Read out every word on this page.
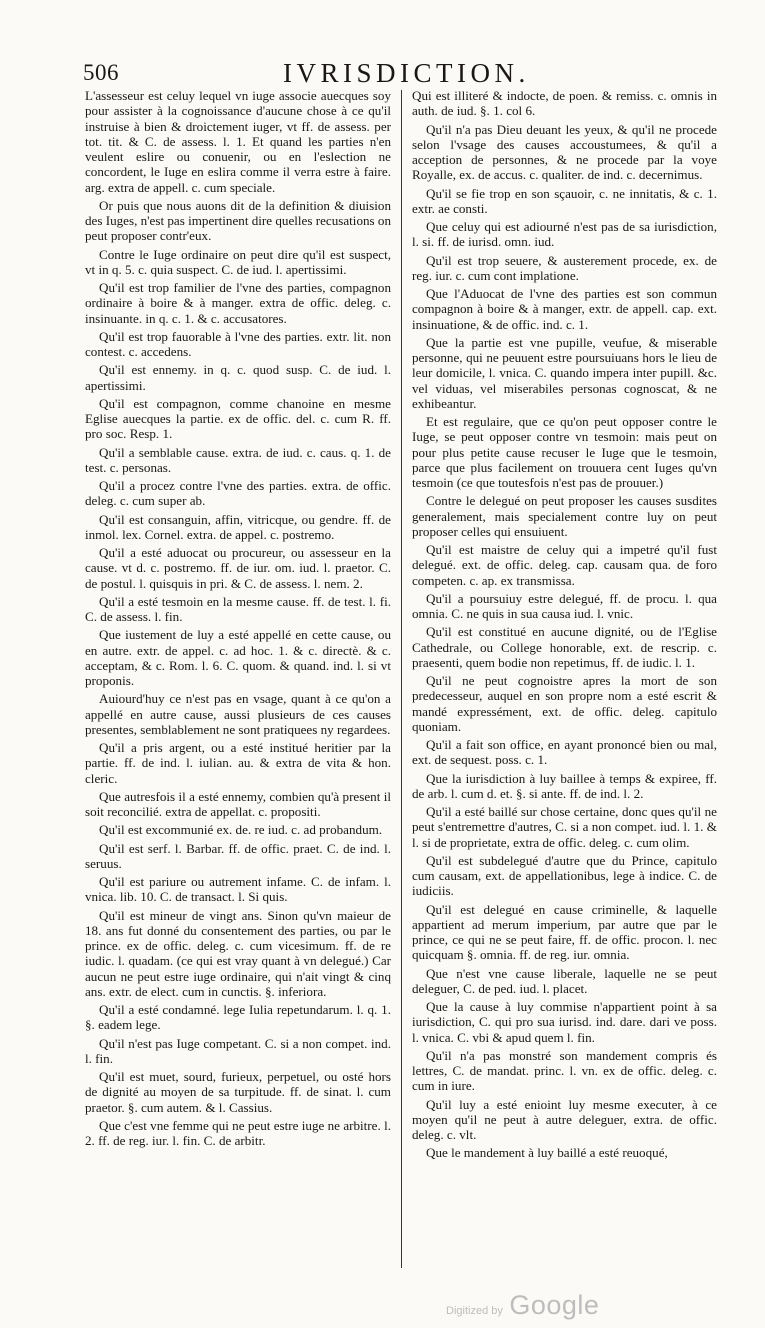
506	IVRISDICTION.

L'assesseur est celuy lequel vn iuge associe auecques soy pour assister à la cognoissance d'aucune chose à ce qu'il instruise à bien & droictement iuger, vt ff. de assess. per tot. tit. & C. de assess. l. 1. Et quand les parties n'en veulent eslire ou conuenir, ou en l'eslection ne concordent, le Iuge en eslira comme il verra estre à faire. arg. extra de appell. c. cum speciale.

Or puis que nous auons dit de la definition & diuision des Iuges, n'est pas impertinent dire quelles recusations on peut proposer contr'eux.

Contre le Iuge ordinaire on peut dire qu'il est suspect, vt in q. 5. c. quia suspect. C. de iud. l. apertissimi.

Qu'il est trop familier de l'vne des parties, compagnon ordinaire à boire & à manger. extra de offic. deleg. c. insinuante. in q. c. 1. & c. accusatores.

Qu'il est trop fauorable à l'vne des parties. extr. lit. non contest. c. accedens.

Qu'il est ennemy. in q. c. quod susp. C. de iud. l. apertissimi.

Qu'il est compagnon, comme chanoine en mesme Eglise auecques la partie. ex de offic. del. c. cum R. ff. pro soc. Resp. 1.

Qu'il a semblable cause. extra. de iud. c. caus. q. 1. de test. c. personas.

Qu'il a procez contre l'vne des parties. extra. de offic. deleg. c. cum super ab.

Qu'il est consanguin, affin, vitricque, ou gendre. ff. de inmol. lex. Cornel. extra. de appel. c. postremo.

Qu'il a esté aduocat ou procureur, ou assesseur en la cause. vt d. c. postremo. ff. de iur. om. iud. l. praetor. C. de postul. l. quisquis in pri. & C. de assess. l. nem. 2.

Qu'il a esté tesmoin en la mesme cause. ff. de test. l. fi. C. de assess. l. fin.

Que iustement de luy a esté appellé en cette cause, ou en autre. extr. de appel. c. ad hoc. 1. & c. directè. & c. acceptam, & c. Rom. l. 6. C. quom. & quand. ind. l. si vt proponis.

Auiourd'huy ce n'est pas en vsage, quant à ce qu'on a appellé en autre cause, aussi plusieurs de ces causes presentes, semblablement ne sont pratiquees ny regardees.

Qu'il a pris argent, ou a esté institué heritier par la partie. ff. de ind. l. iulian. au. & extra de vita & hon. cleric.

Que autresfois il a esté ennemy, combien qu'à present il soit reconcilié. extra de appellat. c. propositi.

Qu'il est excommunié ex. de. re iud. c. ad probandum.

Qu'il est serf. l. Barbar. ff. de offic. praet. C. de ind. l. seruus.

Qu'il est pariure ou autrement infame. C. de infam. l. vnica. lib. 10. C. de transact. l. Si quis.

Qu'il est mineur de vingt ans. Sinon qu'vn maieur de 18. ans fut donné du consentement des parties, ou par le prince. ex de offic. deleg. c. cum vicesimum. ff. de re iudic. l. quadam. (ce qui est vray quant à vn delegué.) Car aucun ne peut estre iuge ordinaire, qui n'ait vingt & cinq ans. extr. de elect. cum in cunctis. §. inferiora.

Qu'il a esté condamné. lege Iulia repetundarum. l. q. 1. §. eadem lege.

Qu'il n'est pas Iuge competant. C. si a non compet. ind. l. fin.

Qu'il est muet, sourd, furieux, perpetuel, ou osté hors de dignité au moyen de sa turpitude. ff. de sinat. l. cum praetor. §. cum autem. & l. Cassius.

Que c'est vne femme qui ne peut estre iuge ne arbitre. l. 2. ff. de reg. iur. l. fin. C. de arbitr.

Qui est illiteré & indocte, de poen. & remiss. c. omnis in auth. de iud. §. 1. col 6.

Qu'il n'a pas Dieu deuant les yeux, & qu'il ne procede selon l'vsage des causes accoustumees, & qu'il a acception de personnes, & ne procede par la voye Royalle, ex. de accus. c. qualiter. de ind. c. decernimus.

Qu'il se fie trop en son sçauoir, c. ne innitatis, & c. 1. extr. ae consti.

Que celuy qui est adiourné n'est pas de sa iurisdiction, l. si. ff. de iurisd. omn. iud.

Qu'il est trop seuere, & austerement procede, ex. de reg. iur. c. cum cont implatione.

Que l'Aduocat de l'vne des parties est son commun compagnon à boire & à manger, extr. de appell. cap. ext. insinuatione, & de offic. ind. c. 1.

Que la partie est vne pupille, veufue, & miserable personne, qui ne peuuent estre poursuiuans hors le lieu de leur domicile, l. vnica. C. quando impera inter pupill. &c. vel viduas, vel miserabiles personas cognoscat, & ne exhibeantur.

Et est regulaire, que ce qu'on peut opposer contre le Iuge, se peut opposer contre vn tesmoin: mais peut on pour plus petite cause recuser le Iuge que le tesmoin, parce que plus facilement on trouuera cent Iuges qu'vn tesmoin (ce que toutesfois n'est pas de prouuer.)

Contre le delegué on peut proposer les causes susdites generalement, mais specialement contre luy on peut proposer celles qui ensuiuent.

Qu'il est maistre de celuy qui a impetré qu'il fust delegué. ext. de offic. deleg. cap. causam qua. de foro competen. c. ap. ex transmissa.

Qu'il a poursuiuy estre delegué, ff. de procu. l. qua omnia. C. ne quis in sua causa iud. l. vnic.

Qu'il est constitué en aucune dignité, ou de l'Eglise Cathedrale, ou College honorable, ext. de rescrip. c. praesenti, quem bodie non repetimus, ff. de iudic. l. 1.

Qu'il ne peut cognoistre apres la mort de son predecesseur, auquel en son propre nom a esté escrit & mandé expressément, ext. de offic. deleg. capitulo quoniam.

Qu'il a fait son office, en ayant prononcé bien ou mal, ext. de sequest. poss. c. 1.

Que la iurisdiction à luy baillee à temps & expiree, ff. de arb. l. cum d. et. §. si ante. ff. de ind. l. 2.

Qu'il a esté baillé sur chose certaine, donc ques qu'il ne peut s'entremettre d'autres, C. si a non compet. iud. l. 1. & l. si de proprietate, extra de offic. deleg. c. cum olim.

Qu'il est subdelegué d'autre que du Prince, capitulo cum causam, ext. de appellationibus, lege à indice. C. de iudiciis.

Qu'il est delegué en cause criminelle, & laquelle appartient ad merum imperium, par autre que par le prince, ce qui ne se peut faire, ff. de offic. procon. l. nec quicquam §. omnia. ff. de reg. iur. omnia.

Que n'est vne cause liberale, laquelle ne se peut deleguer, C. de ped. iud. l. placet.

Que la cause à luy commise n'appartient point à sa iurisdiction, C. qui pro sua iurisd. ind. dare. dari ve poss. l. vnica. C. vbi & apud quem l. fin.

Qu'il n'a pas monstré son mandement compris és lettres, C. de mandat. princ. l. vn. ex de offic. deleg. c. cum in iure.

Qu'il luy a esté enioint luy mesme executer, à ce moyen qu'il ne peut à autre deleguer, extra. de offic. deleg. c. vlt.

Que le mandement à luy baillé a esté reuoqué,

Digitized by Google
